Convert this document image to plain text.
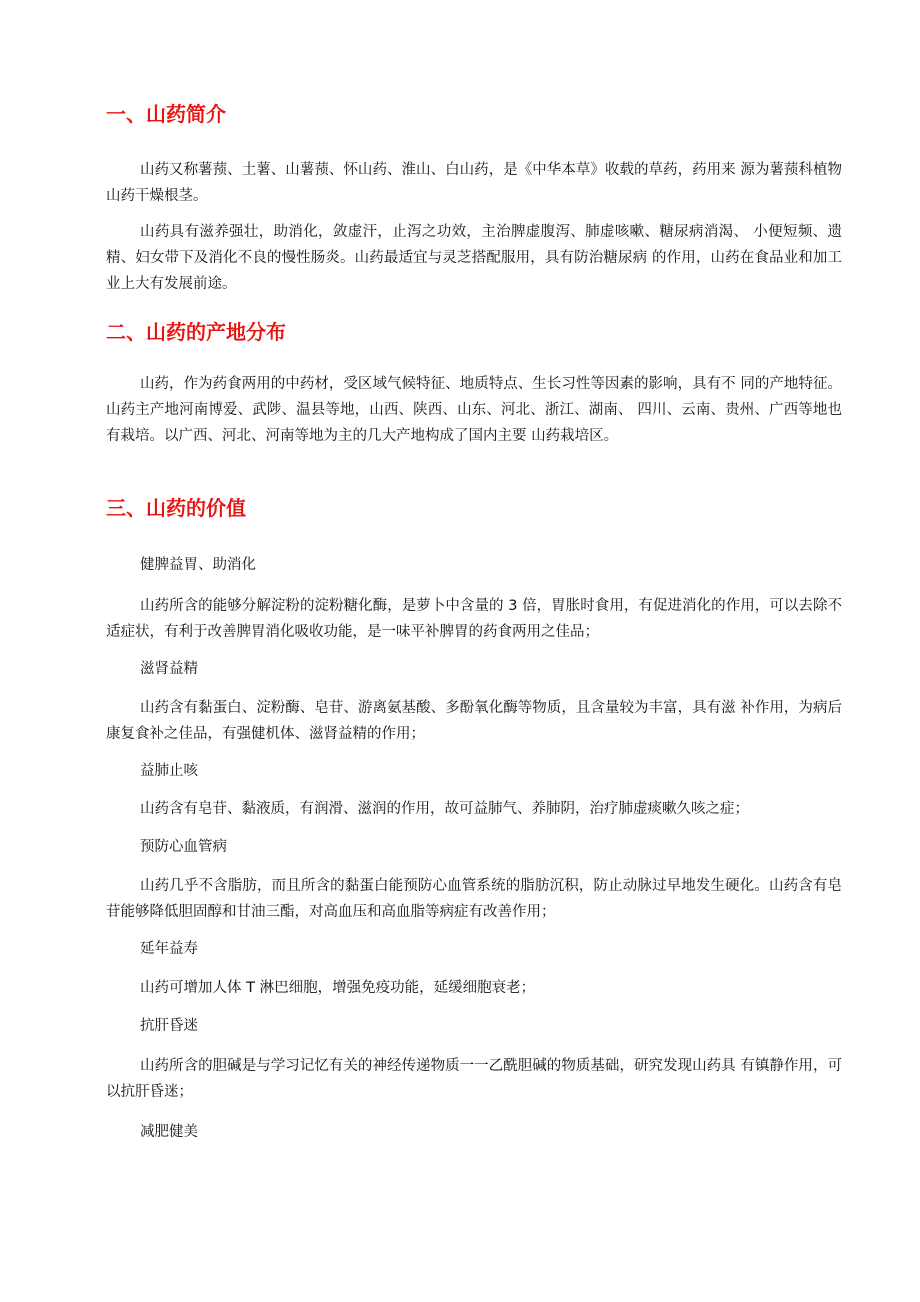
一、山药简介

山药又称薯蓣、土薯、山薯蓣、怀山药、淮山、白山药，是《中华本草》收载的草药，药用来 源为薯蓣科植物山药干燥根茎。

山药具有滋养强壮，助消化，敛虚汗，止泻之功效，主治脾虚腹泻、肺虚咳嗽、糖尿病消渴、 小便短频、遗精、妇女带下及消化不良的慢性肠炎。山药最适宜与灵芝搭配服用，具有防治糖尿病 的作用，山药在食品业和加工业上大有发展前途。

二、山药的产地分布

山药，作为药食两用的中药材，受区域气候特征、地质特点、生长习性等因素的影响，具有不 同的产地特征。山药主产地河南博爱、武陟、温县等地，山西、陕西、山东、河北、浙江、湖南、 四川、云南、贵州、广西等地也有栽培。以广西、河北、河南等地为主的几大产地构成了国内主要 山药栽培区。

三、山药的价值

健脾益胃、助消化

山药所含的能够分解淀粉的淀粉糖化酶，是萝卜中含量的 3 倍，胃胀时食用，有促进消化的作用，可以去除不适症状，有利于改善脾胃消化吸收功能，是一味平补脾胃的药食两用之佳品；

滋肾益精

山药含有黏蛋白、淀粉酶、皂苷、游离氨基酸、多酚氧化酶等物质，且含量较为丰富，具有滋 补作用，为病后康复食补之佳品，有强健机体、滋肾益精的作用；

益肺止咳

山药含有皂苷、黏液质，有润滑、滋润的作用，故可益肺气、养肺阴，治疗肺虚痰嗽久咳之症；

预防心血管病

山药几乎不含脂肪，而且所含的黏蛋白能预防心血管系统的脂肪沉积，防止动脉过早地发生硬化。山药含有皂苷能够降低胆固醇和甘油三酯，对高血压和高血脂等病症有改善作用；

延年益寿

山药可增加人体 T 淋巴细胞，增强免疫功能，延缓细胞衰老；

抗肝昏迷

山药所含的胆碱是与学习记忆有关的神经传递物质一一乙酰胆碱的物质基础，研究发现山药具 有镇静作用，可以抗肝昏迷；

减肥健美
